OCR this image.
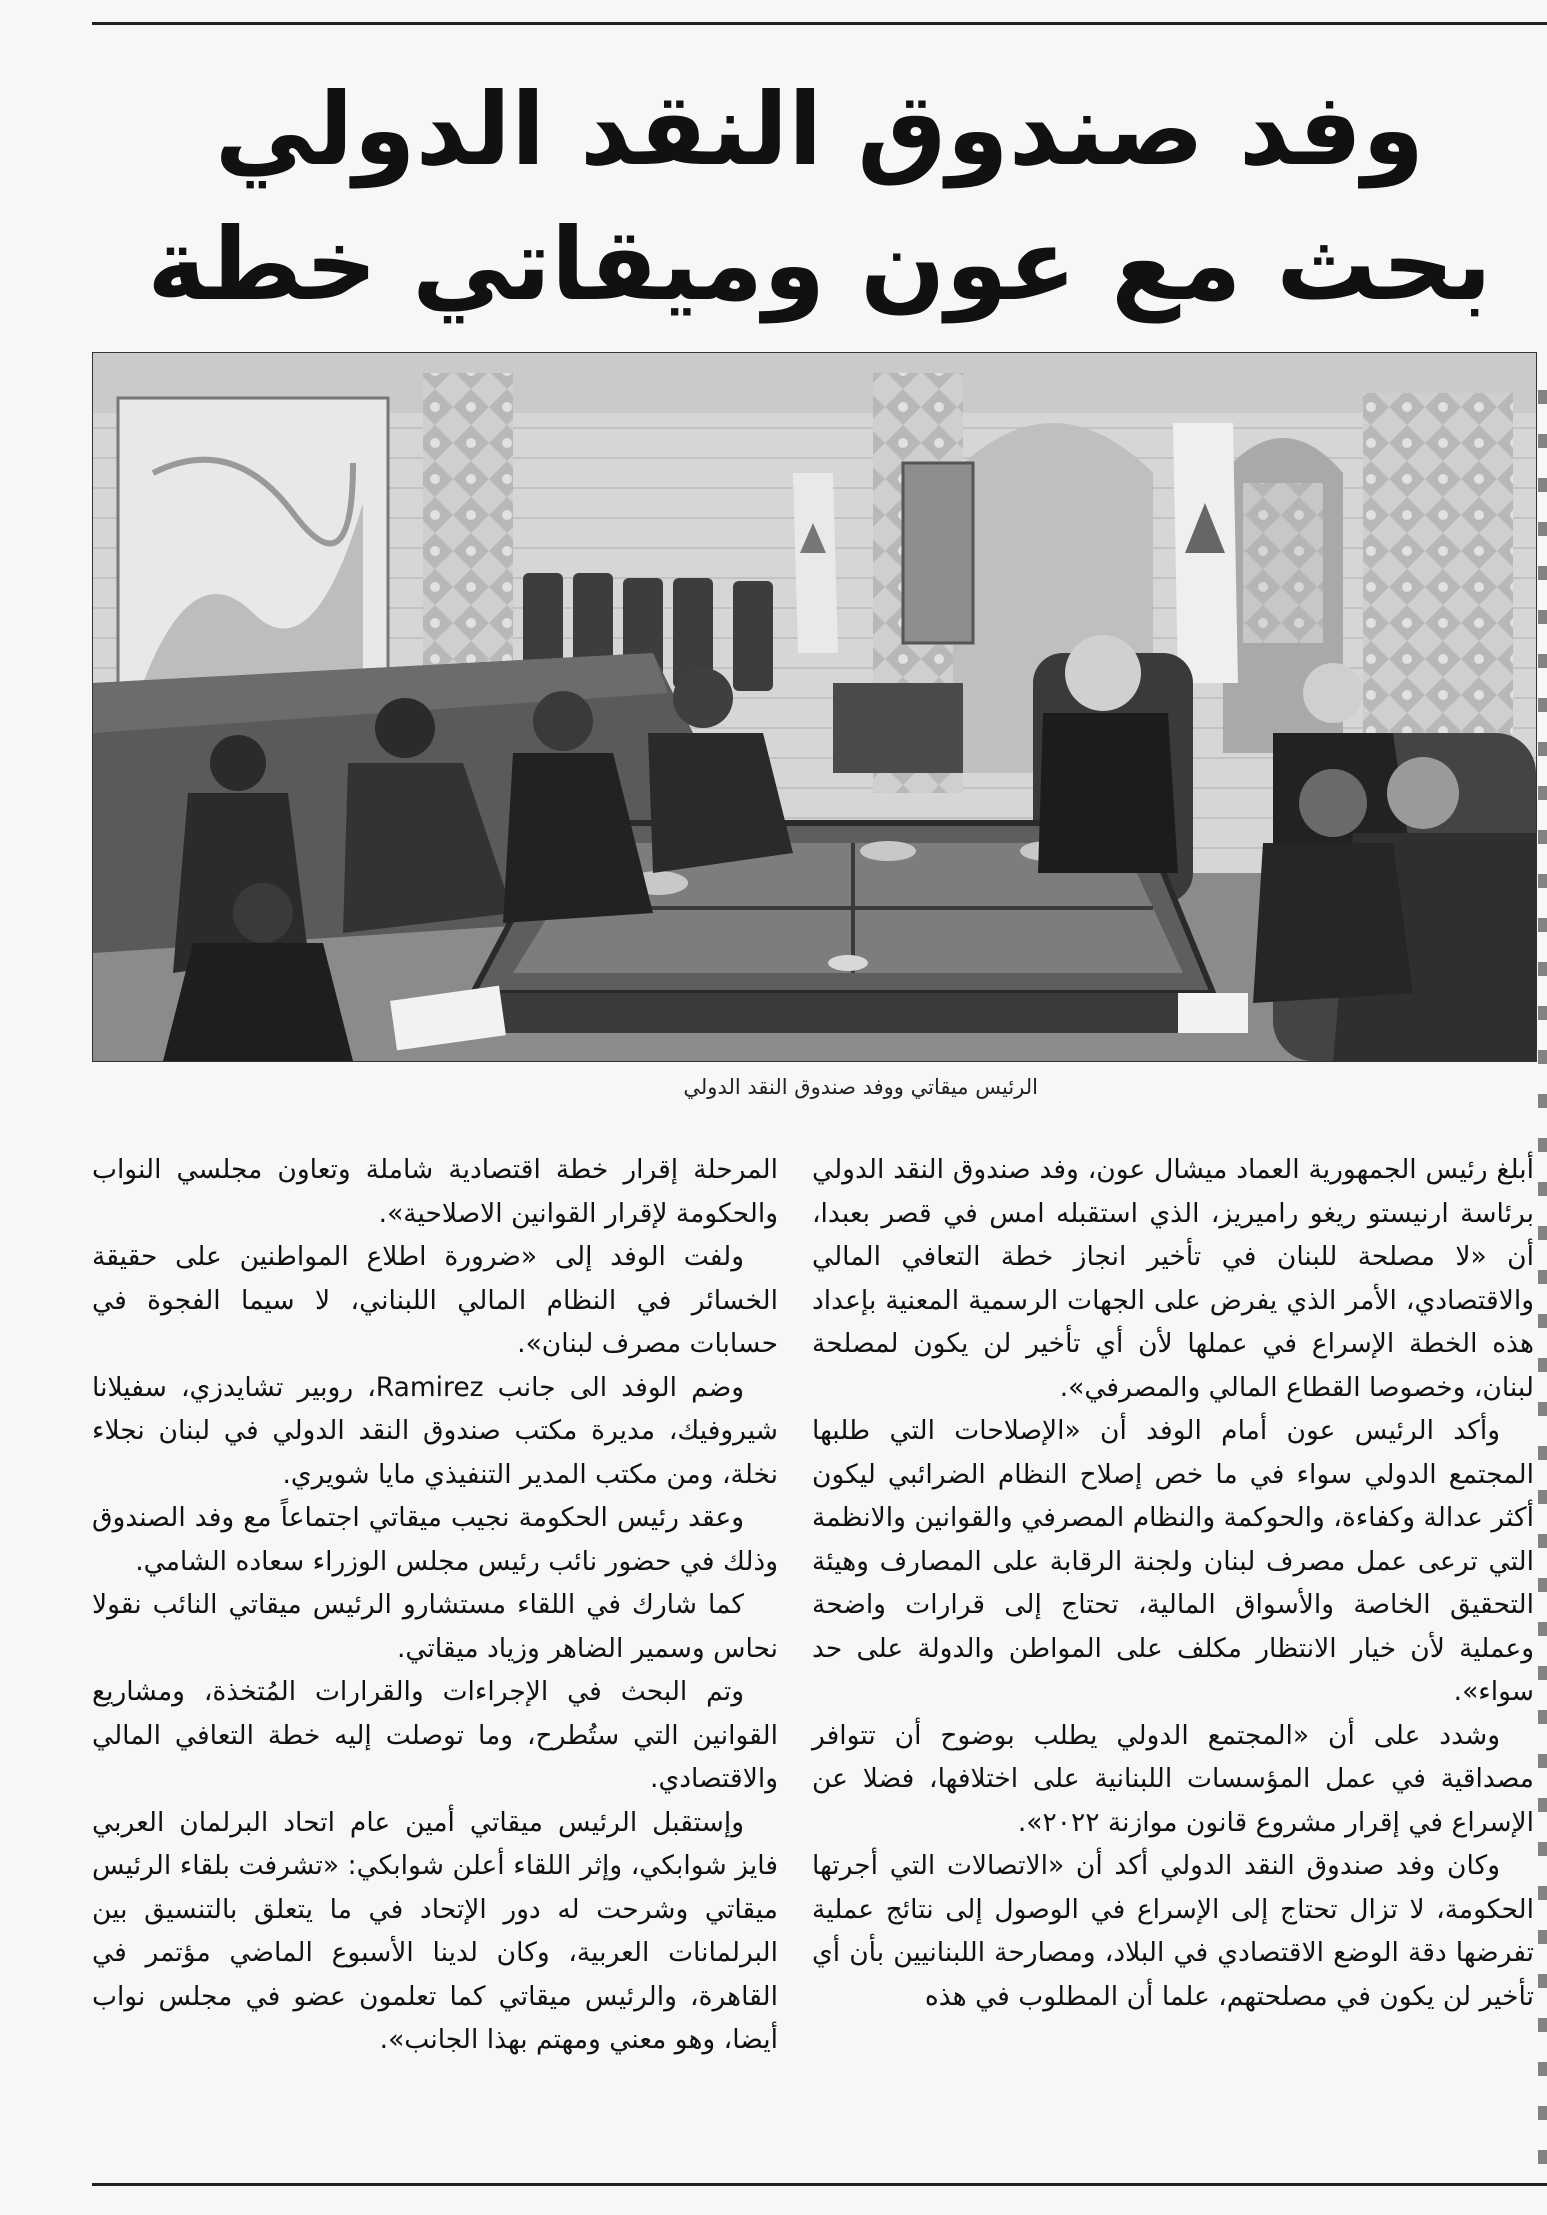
وفد صندوق النقد الدولي
بحث مع عون وميقاتي خطة
الرئيس ميقاتي ووفد صندوق النقد الدولي

أبلغ رئيس الجمهورية العماد ميشال عون، وفد صندوق النقد الدولي برئاسة ارنيستو ريغو راميريز، الذي استقبله امس في قصر بعبدا، أن «لا مصلحة للبنان في تأخير انجاز خطة التعافي المالي والاقتصادي، الأمر الذي يفرض على الجهات الرسمية المعنية بإعداد هذه الخطة الإسراع في عملها لأن أي تأخير لن يكون لمصلحة لبنان، وخصوصا القطاع المالي والمصرفي».

وأكد الرئيس عون أمام الوفد أن «الإصلاحات التي طلبها المجتمع الدولي سواء في ما خص إصلاح النظام الضرائبي ليكون أكثر عدالة وكفاءة، والحوكمة والنظام المصرفي والقوانين والانظمة التي ترعى عمل مصرف لبنان ولجنة الرقابة على المصارف وهيئة التحقيق الخاصة والأسواق المالية، تحتاج إلى قرارات واضحة وعملية لأن خيار الانتظار مكلف على المواطن والدولة على حد سواء».

وشدد على أن «المجتمع الدولي يطلب بوضوح أن تتوافر مصداقية في عمل المؤسسات اللبنانية على اختلافها، فضلا عن الإسراع في إقرار مشروع قانون موازنة ٢٠٢٢».

وكان وفد صندوق النقد الدولي أكد أن «الاتصالات التي أجرتها الحكومة، لا تزال تحتاج إلى الإسراع في الوصول إلى نتائج عملية تفرضها دقة الوضع الاقتصادي في البلاد، ومصارحة اللبنانيين بأن أي تأخير لن يكون في مصلحتهم، علما أن المطلوب في هذه

المرحلة إقرار خطة اقتصادية شاملة وتعاون مجلسي النواب والحكومة لإقرار القوانين الاصلاحية».

ولفت الوفد إلى «ضرورة اطلاع المواطنين على حقيقة الخسائر في النظام المالي اللبناني، لا سيما الفجوة في حسابات مصرف لبنان».

وضم الوفد الى جانب Ramirez، روبير تشايدزي، سفيلانا شيروفيك، مديرة مكتب صندوق النقد الدولي في لبنان نجلاء نخلة، ومن مكتب المدير التنفيذي مايا شويري.

وعقد رئيس الحكومة نجيب ميقاتي اجتماعاً مع وفد الصندوق وذلك في حضور نائب رئيس مجلس الوزراء سعاده الشامي.

كما شارك في اللقاء مستشارو الرئيس ميقاتي النائب نقولا نحاس وسمير الضاهر وزياد ميقاتي.

وتم البحث في الإجراءات والقرارات المُتخذة، ومشاريع القوانين التي ستُطرح، وما توصلت إليه خطة التعافي المالي والاقتصادي.

وإستقبل الرئيس ميقاتي أمين عام اتحاد البرلمان العربي فايز شوابكي، وإثر اللقاء أعلن شوابكي: «تشرفت بلقاء الرئيس ميقاتي وشرحت له دور الإتحاد في ما يتعلق بالتنسيق بين البرلمانات العربية، وكان لدينا الأسبوع الماضي مؤتمر في القاهرة، والرئيس ميقاتي كما تعلمون عضو في مجلس نواب أيضا، وهو معني ومهتم بهذا الجانب».
